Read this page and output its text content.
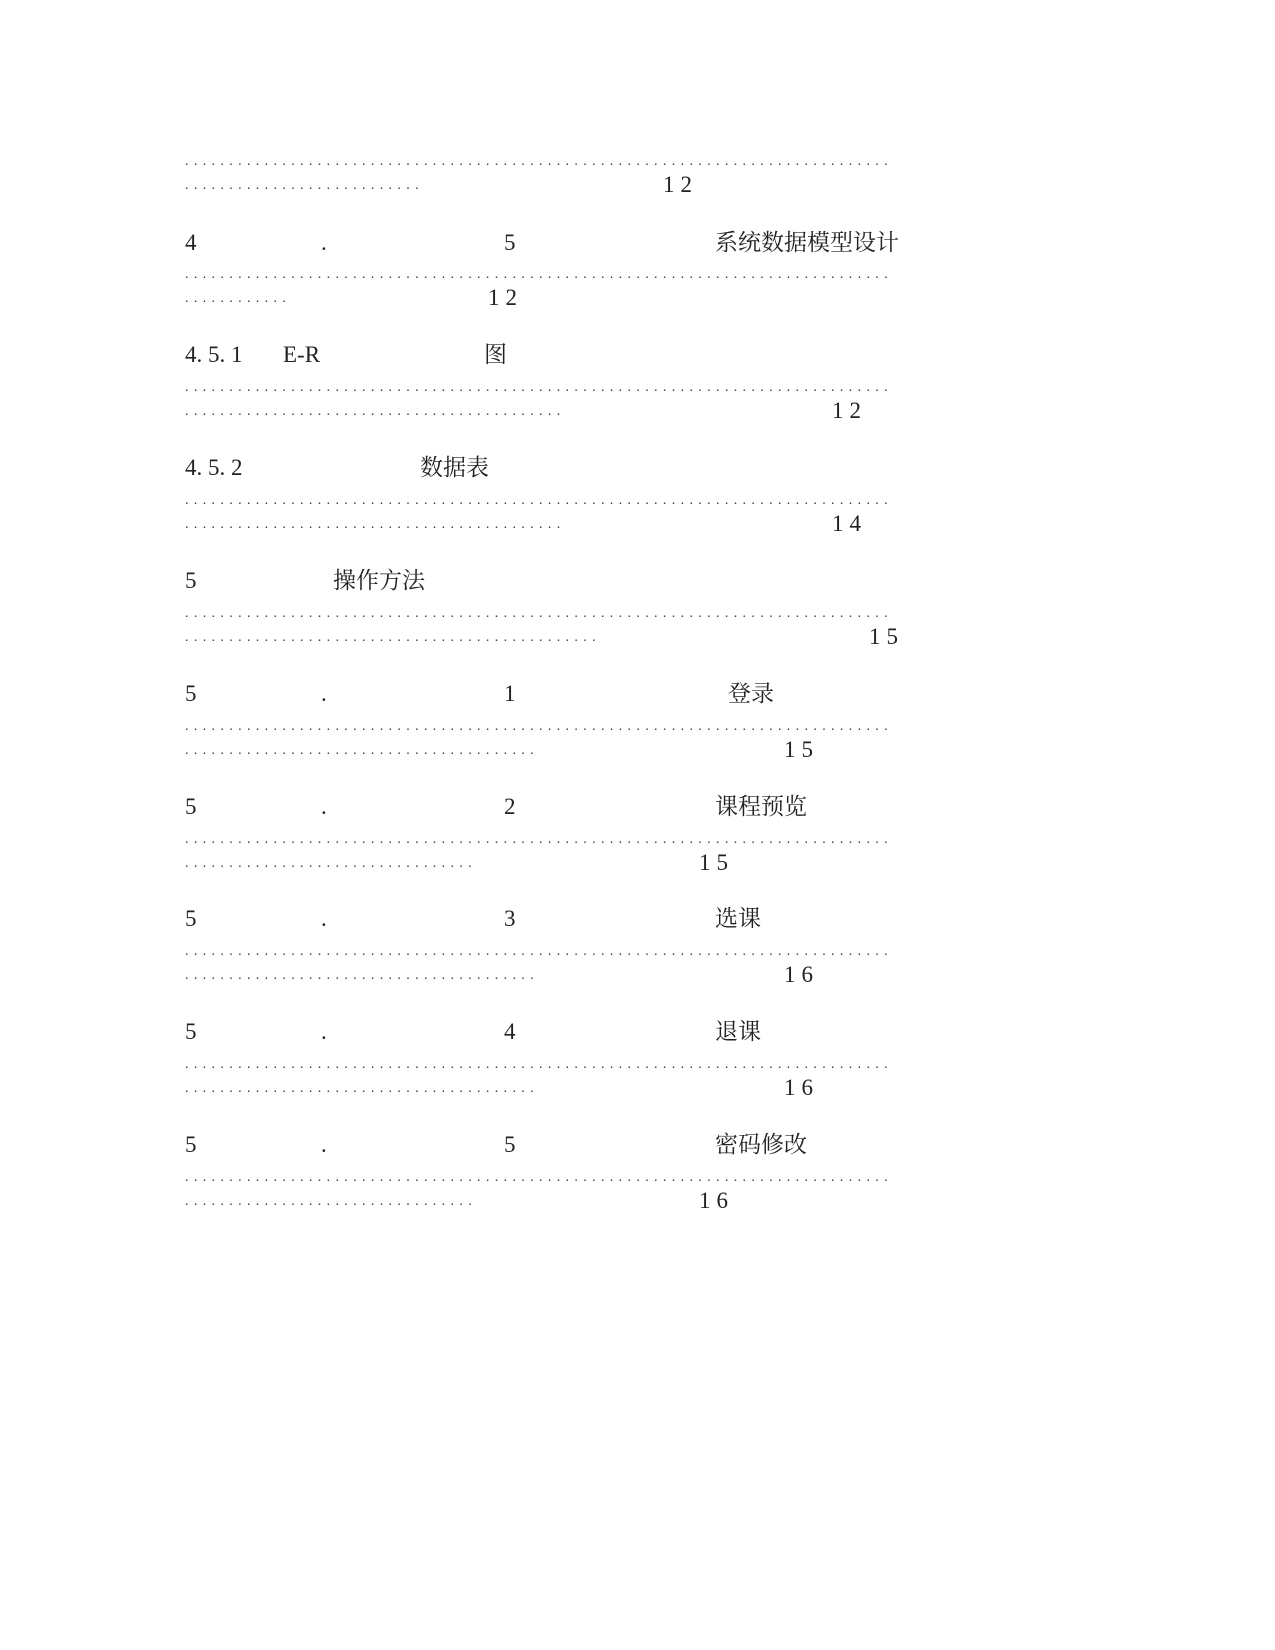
................................................................................
...........................	12
4	.	5	系统数据模型设计
................................................................................
............	12
4. 5. 1 E-R	图
................................................................................
...........................................	12
4. 5. 2	数据表
................................................................................
...........................................	14
5	操作方法
................................................................................
...............................................	15
5	.	1	登录
................................................................................
........................................	15
5	.	2	课程预览
................................................................................
.................................	15
5	.	3	选课
................................................................................
........................................	16
5	.	4	退课
................................................................................
........................................	16
5	.	5	密码修改
................................................................................
.................................	16
